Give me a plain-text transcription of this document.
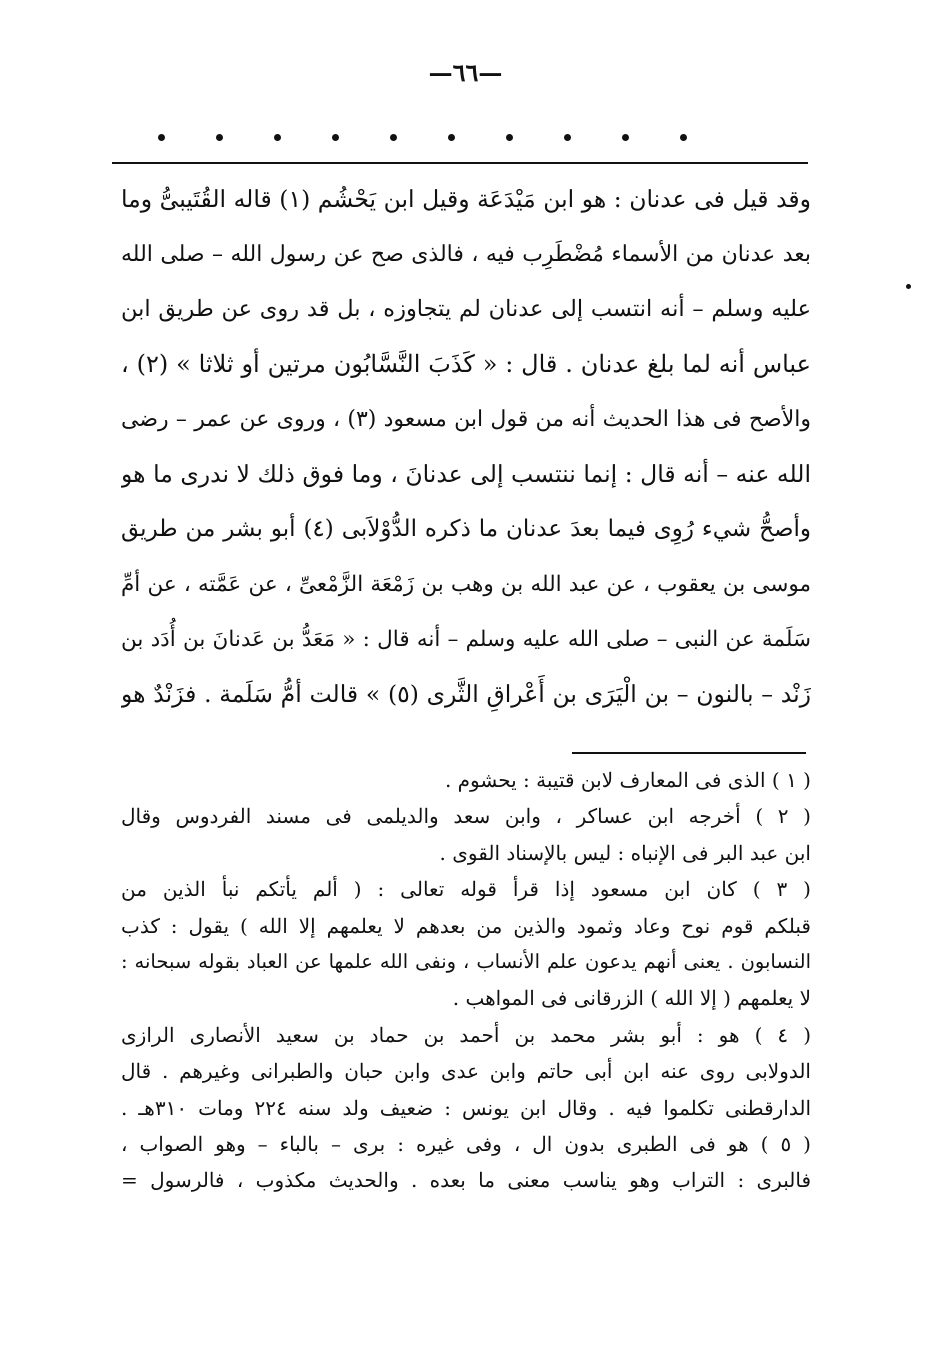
—٦٦—
وقد قيل فى عدنان : هو ابن مَيْدَعَة وقيل ابن يَحْشُم (١) قاله القُتَيبىُّ وما
بعد عدنان من الأسماء مُضْطَرِب فيه ، فالذى صح عن رسول الله – صلى الله
عليه وسلم – أنه انتسب إلى عدنان لم يتجاوزه ، بل قد روى عن طريق ابن
عباس أنه لما بلغ عدنان . قال : « كَذَبَ النَّسَّابُون مرتين أو ثلاثا » (٢) ،
والأصح فى هذا الحديث أنه من قول ابن مسعود (٣) ، وروى عن عمر – رضى
الله عنه – أنه قال : إنما ننتسب إلى عدنانَ ، وما فوق ذلك لا ندرى ما هو
وأصحُّ شيء رُوِى فيما بعدَ عدنان ما ذكره الدُّوْلاَبى (٤) أبو بشر من طريق
موسى بن يعقوب ، عن عبد الله بن وهب بن زَمْعَة الزَّمْعىِّ ، عن عَمَّته ، عن أمِّ
سَلَمة عن النبى – صلى الله عليه وسلم – أنه قال : « مَعَدُّ بن عَدنانَ بن أُدَد بن
زَنْد – بالنون – بن الْيَرَى بن أَعْراقِ الثَّرى (٥) » قالت أمُّ سَلَمة . فزَنْدٌ هو
( ١ ) الذى فى المعارف لابن قتيبة : يحشوم .
( ٢ ) أخرجه ابن عساكر ، وابن سعد والديلمى فى مسند الفردوس وقال
ابن عبد البر فى الإنباه : ليس بالإسناد القوى .
( ٣ ) كان ابن مسعود إذا قرأ قوله تعالى : ( ألم يأتكم نبأ الذين من
قبلكم قوم نوح وعاد وثمود والذين من بعدهم لا يعلمهم إلا الله ) يقول : كذب
النسابون . يعنى أنهم يدعون علم الأنساب ، ونفى الله علمها عن العباد بقوله سبحانه :
لا يعلمهم ( إلا الله ) الزرقانى فى المواهب .
( ٤ ) هو : أبو بشر محمد بن أحمد بن حماد بن سعيد الأنصارى الرازى
الدولابى روى عنه ابن أبى حاتم وابن عدى وابن حبان والطبرانى وغيرهم . قال
الدارقطنى تكلموا فيه . وقال ابن يونس : ضعيف ولد سنه ٢٢٤ ومات ٣١٠هـ .
( ٥ ) هو فى الطبرى بدون ال ، وفى غيره : برى – بالباء – وهو الصواب ،
فالبرى : التراب وهو يناسب معنى ما بعده . والحديث مكذوب ، فالرسول =
